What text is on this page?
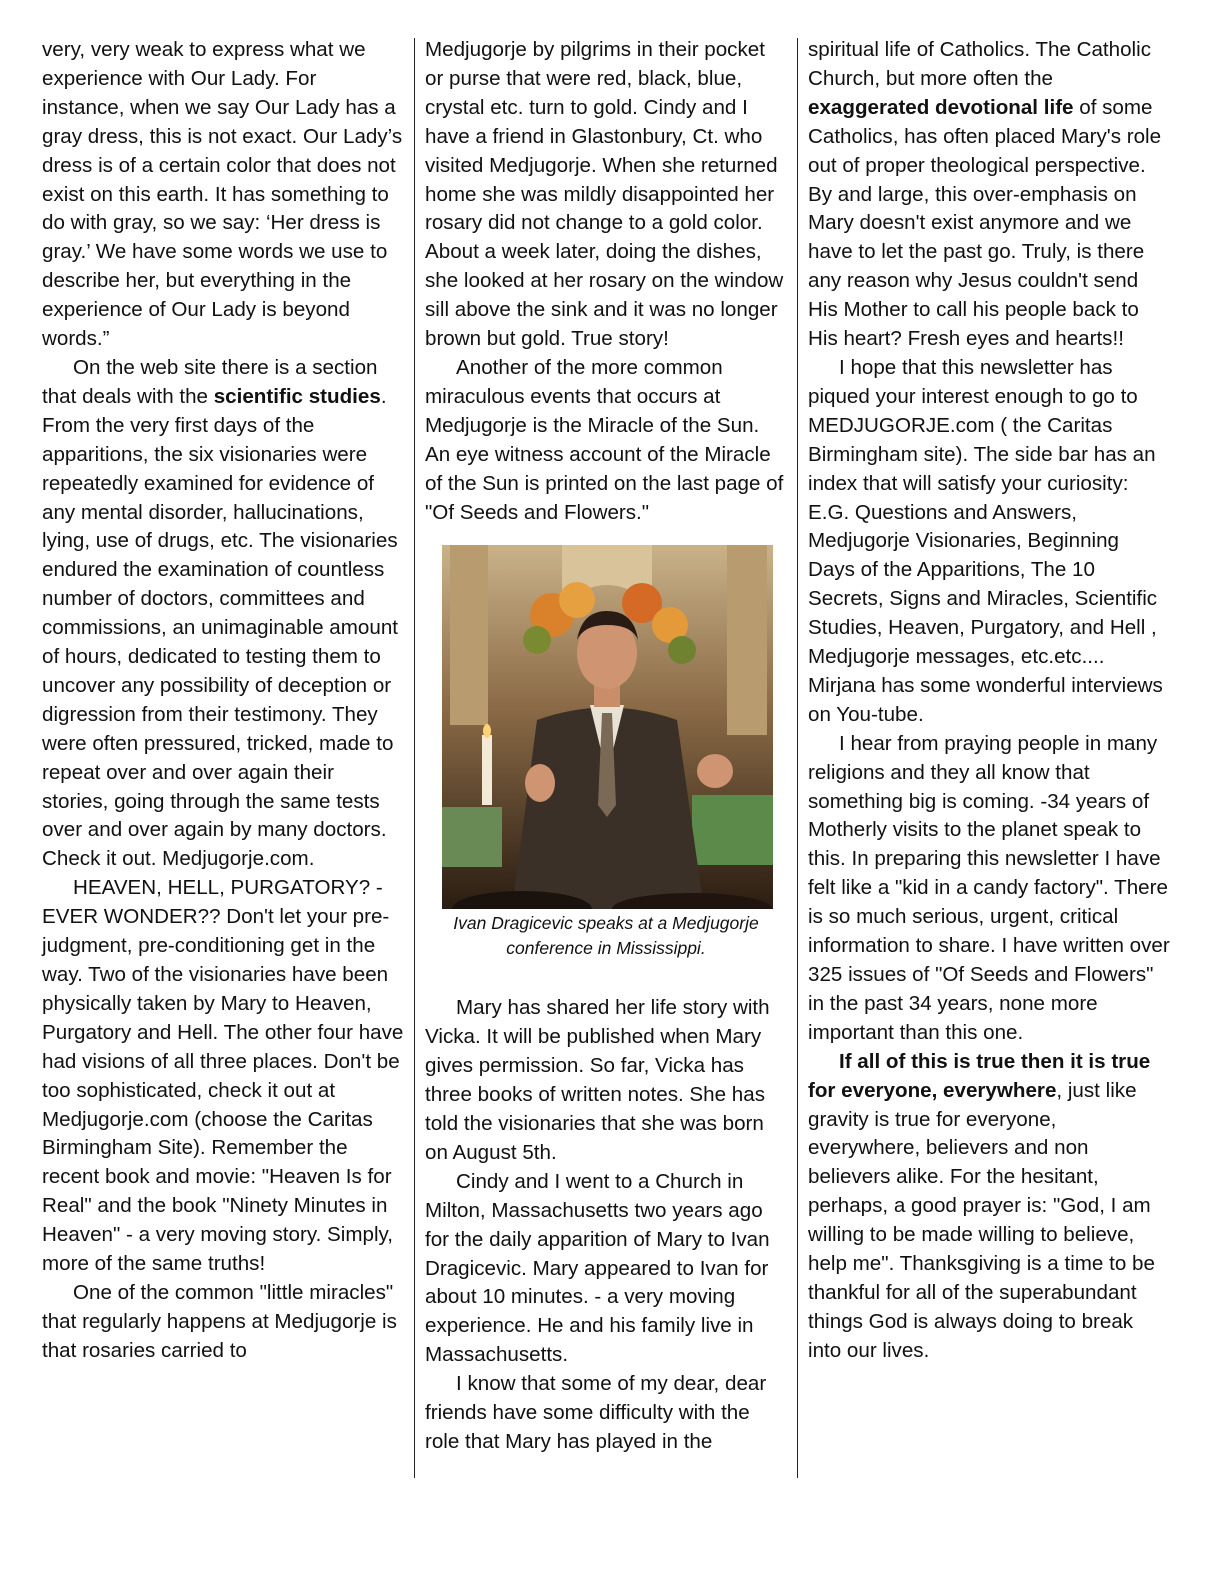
very, very weak to express what we experience with Our Lady. For instance, when we say Our Lady has a gray dress, this is not exact. Our Lady’s dress is of a certain color that does not exist on this earth. It has something to do with gray, so we say: ‘Her dress is gray.’ We have some words we use to describe her, but everything in the experience of Our Lady is beyond words.”

On the web site there is a section that deals with the scientific studies. From the very first days of the apparitions, the six visionaries were repeatedly examined for evidence of any mental disorder, hallucinations, lying, use of drugs, etc. The visionaries endured the examination of countless number of doctors, committees and commissions, an unimaginable amount of hours, dedicated to testing them to uncover any possibility of deception or digression from their testimony. They were often pressured, tricked, made to repeat over and over again their stories, going through the same tests over and over again by many doctors. Check it out. Medjugorje.com.

HEAVEN, HELL, PURGATORY? - EVER WONDER?? Don't let your pre-judgment, pre-conditioning get in the way. Two of the visionaries have been physically taken by Mary to Heaven, Purgatory and Hell. The other four have had visions of all three places. Don't be too sophisticated, check it out at Medjugorje.com (choose the Caritas Birmingham Site). Remember the recent book and movie: "Heaven Is for Real" and the book "Ninety Minutes in Heaven" - a very moving story. Simply, more of the same truths!

One of the common "little miracles" that regularly happens at Medjugorje is that rosaries carried to

Medjugorje by pilgrims in their pocket or purse that were red, black, blue, crystal etc. turn to gold. Cindy and I have a friend in Glastonbury, Ct. who visited Medjugorje. When she returned home she was mildly disappointed her rosary did not change to a gold color. About a week later, doing the dishes, she looked at her rosary on the window sill above the sink and it was no longer brown but gold. True story!

Another of the more common miraculous events that occurs at Medjugorje is the Miracle of the Sun. An eye witness account of the Miracle of the Sun is printed on the last page of "Of Seeds and Flowers."

Ivan Dragicevic speaks at a Medjugorje conference in Mississippi.

Mary has shared her life story with Vicka. It will be published when Mary gives permission. So far, Vicka has three books of written notes. She has told the visionaries that she was born on August 5th.

Cindy and I went to a Church in Milton, Massachusetts two years ago for the daily apparition of Mary to Ivan Dragicevic. Mary appeared to Ivan for about 10 minutes. - a very moving experience. He and his family live in Massachusetts.

I know that some of my dear, dear friends have some difficulty with the role that Mary has played in the

spiritual life of Catholics. The Catholic Church, but more often the exaggerated devotional life of some Catholics, has often placed Mary's role out of proper theological perspective. By and large, this over-emphasis on Mary doesn't exist anymore and we have to let the past go. Truly, is there any reason why Jesus couldn't send His Mother to call his people back to His heart? Fresh eyes and hearts!!

I hope that this newsletter has piqued your interest enough to go to MEDJUGORJE.com ( the Caritas Birmingham site). The side bar has an index that will satisfy your curiosity: E.G. Questions and Answers, Medjugorje Visionaries, Beginning Days of the Apparitions, The 10 Secrets, Signs and Miracles, Scientific Studies, Heaven, Purgatory, and Hell , Medjugorje messages, etc.etc.... Mirjana has some wonderful interviews on You-tube.

I hear from praying people in many religions and they all know that something big is coming. -34 years of Motherly visits to the planet speak to this. In preparing this newsletter I have felt like a "kid in a candy factory". There is so much serious, urgent, critical information to share. I have written over 325 issues of "Of Seeds and Flowers" in the past 34 years, none more important than this one.

If all of this is true then it is true for everyone, everywhere, just like gravity is true for everyone, everywhere, believers and non believers alike. For the hesitant, perhaps, a good prayer is: "God, I am willing to be made willing to believe, help me". Thanksgiving is a time to be thankful for all of the superabundant things God is always doing to break into our lives.
